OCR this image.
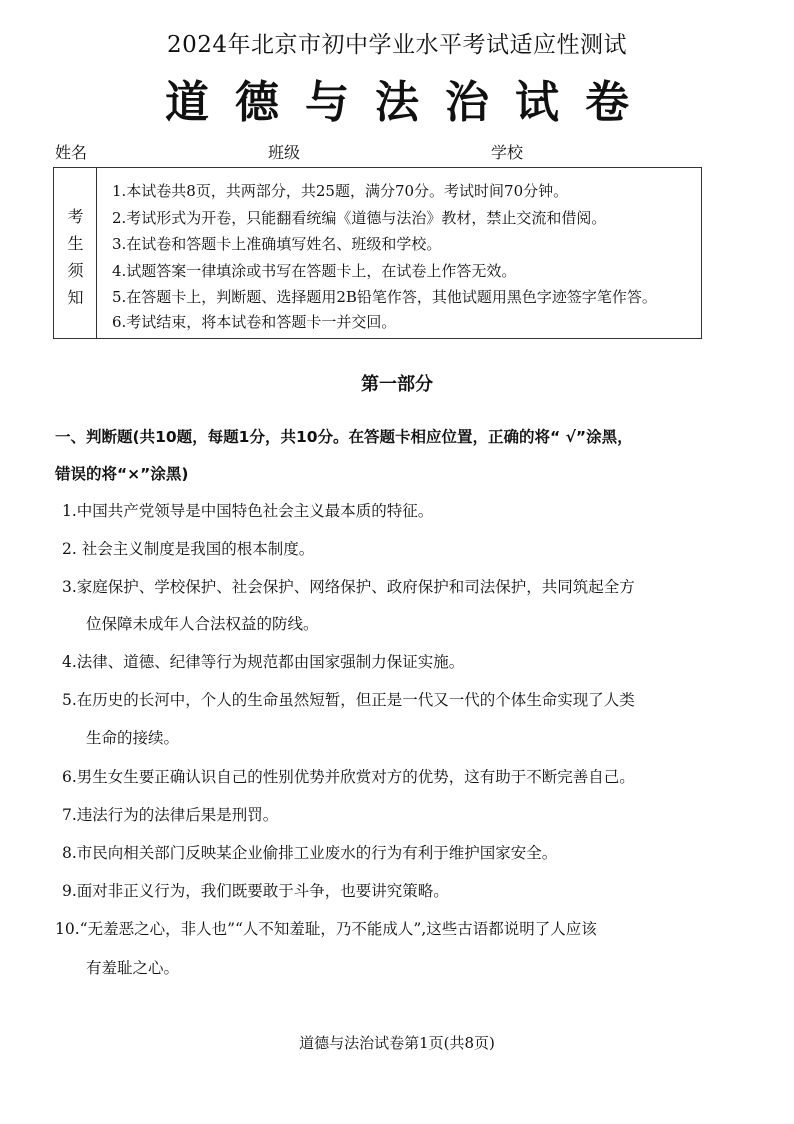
2024年北京市初中学业水平考试适应性测试
道德与法治试卷
姓名	班级	学校
考
生
须
知
1.本试卷共8页，共两部分，共25题，满分70分。考试时间70分钟。
2.考试形式为开卷，只能翻看统编《道德与法治》教材，禁止交流和借阅。
3.在试卷和答题卡上准确填写姓名、班级和学校。
4.试题答案一律填涂或书写在答题卡上，在试卷上作答无效。
5.在答题卡上，判断题、选择题用2B铅笔作答，其他试题用黑色字迹签字笔作答。
6.考试结束，将本试卷和答题卡一并交回。
第一部分
一、判断题(共10题，每题1分，共10分。在答题卡相应位置，正确的将“ √”涂黑，
错误的将“×”涂黑)
1.中国共产党领导是中国特色社会主义最本质的特征。
2. 社会主义制度是我国的根本制度。
3.家庭保护、学校保护、社会保护、网络保护、政府保护和司法保护，共同筑起全方
位保障未成年人合法权益的防线。
4.法律、道德、纪律等行为规范都由国家强制力保证实施。
5.在历史的长河中，个人的生命虽然短暂，但正是一代又一代的个体生命实现了人类
生命的接续。
6.男生女生要正确认识自己的性别优势并欣赏对方的优势，这有助于不断完善自己。
7.违法行为的法律后果是刑罚。
8.市民向相关部门反映某企业偷排工业废水的行为有利于维护国家安全。
9.面对非正义行为，我们既要敢于斗争，也要讲究策略。
10.“无羞恶之心，非人也”“人不知羞耻，乃不能成人”,这些古语都说明了人应该
有羞耻之心。
道德与法治试卷第1页(共8页)
